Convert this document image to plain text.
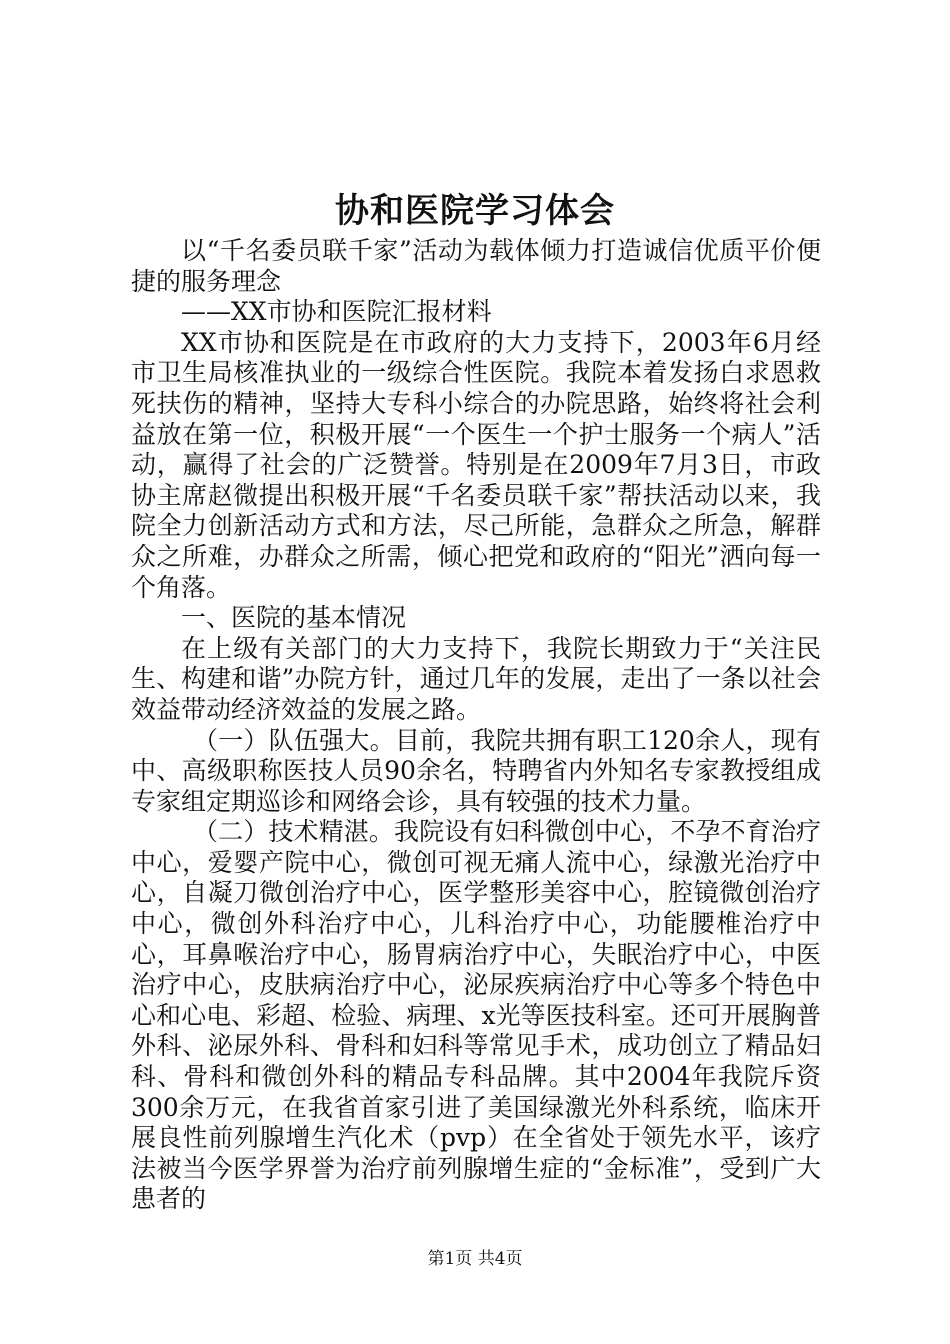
协和医院学习体会

以“千名委员联千家”活动为载体倾力打造诚信优质平价便捷的服务理念

——XX市协和医院汇报材料

XX市协和医院是在市政府的大力支持下，2003年6月经市卫生局核准执业的一级综合性医院。我院本着发扬白求恩救死扶伤的精神，坚持大专科小综合的办院思路，始终将社会利益放在第一位，积极开展“一个医生一个护士服务一个病人”活动，赢得了社会的广泛赞誉。特别是在2009年7月3日，市政协主席赵微提出积极开展“千名委员联千家”帮扶活动以来，我院全力创新活动方式和方法，尽己所能，急群众之所急，解群众之所难，办群众之所需，倾心把党和政府的“阳光”洒向每一个角落。

一、医院的基本情况

在上级有关部门的大力支持下，我院长期致力于“关注民生、构建和谐”办院方针，通过几年的发展，走出了一条以社会效益带动经济效益的发展之路。

（一）队伍强大。目前，我院共拥有职工120余人，现有中、高级职称医技人员90余名，特聘省内外知名专家教授组成专家组定期巡诊和网络会诊，具有较强的技术力量。

（二）技术精湛。我院设有妇科微创中心，不孕不育治疗中心，爱婴产院中心，微创可视无痛人流中心，绿激光治疗中心，自凝刀微创治疗中心，医学整形美容中心，腔镜微创治疗中心，微创外科治疗中心，儿科治疗中心，功能腰椎治疗中心，耳鼻喉治疗中心，肠胃病治疗中心，失眠治疗中心，中医治疗中心，皮肤病治疗中心，泌尿疾病治疗中心等多个特色中心和心电、彩超、检验、病理、x光等医技科室。还可开展胸普外科、泌尿外科、骨科和妇科等常见手术，成功创立了精品妇科、骨科和微创外科的精品专科品牌。其中2004年我院斥资300余万元，在我省首家引进了美国绿激光外科系统，临床开展良性前列腺增生汽化术（pvp）在全省处于领先水平，该疗法被当今医学界誉为治疗前列腺增生症的“金标准”，受到广大患者的

第1页 共4页
